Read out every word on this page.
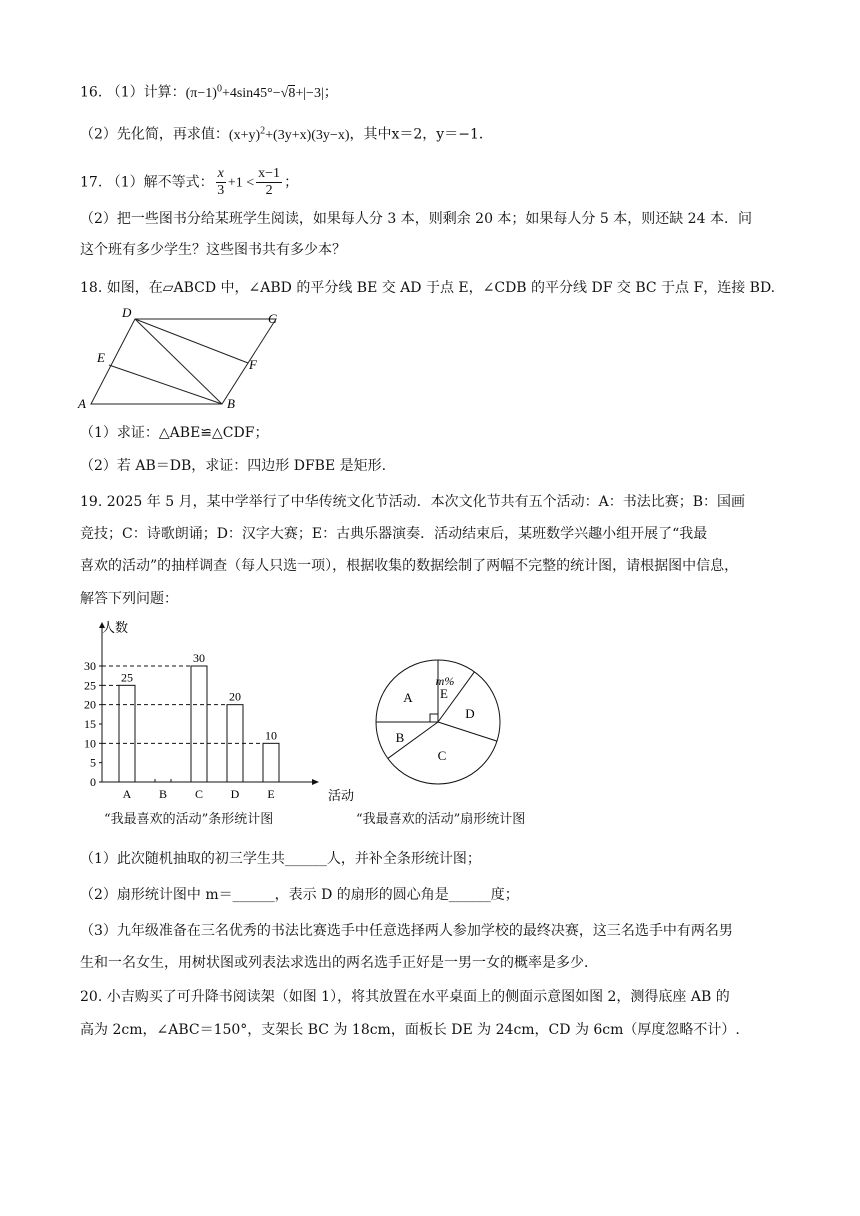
16. （1）计算：$(\pi-1)^0+4\sin 45^\circ-√8+|-3|$；
（2）先化简，再求值：$(x+y)^2+(3y+x)(3y-x)$，其中x＝2，y＝−1．
17. （1）解不等式： $\frac{x}{3} +1 < \frac{x-1}{2}$ ；
（2）把一些图书分给某班学生阅读，如果每人分 3 本，则剩余 20 本；如果每人分 5 本，则还缺 24 本．问
这个班有多少学生？这些图书共有多少本？
18. 如图，在▱ABCD 中，∠ABD 的平分线 BE 交 AD 于点 E，∠CDB 的平分线 DF 交 BC 于点 F，连接 BD.
D	C
E	F
A	B
（1）求证：△ABE≌△CDF；
（2）若 AB＝DB，求证：四边形 DFBE 是矩形.
19. 2025 年 5 月，某中学举行了中华传统文化节活动．本次文化节共有五个活动：A：书法比赛；B：国画
竞技；C：诗歌朗诵；D：汉字大赛；E：古典乐器演奏．活动结束后，某班数学兴趣小组开展了“我最
喜欢的活动”的抽样调查（每人只选一项），根据收集的数据绘制了两幅不完整的统计图，请根据图中信息，
解答下列问题：
0
5
10
15
20
25
30
25
A B
30
C
20
D
10
E
人数
活动
“我最喜欢的活动”条形统计图
A
B
C
D
E
m%
“我最喜欢的活动”扇形统计图
（1）此次随机抽取的初三学生共______人，并补全条形统计图；
（2）扇形统计图中 m＝______，表示 D 的扇形的圆心角是______度；
（3）九年级准备在三名优秀的书法比赛选手中任意选择两人参加学校的最终决赛，这三名选手中有两名男
生和一名女生，用树状图或列表法求选出的两名选手正好是一男一女的概率是多少．
20. 小吉购买了可升降书阅读架（如图 1），将其放置在水平桌面上的侧面示意图如图 2，测得底座 AB 的
高为 2cm，∠ABC＝150°，支架长 BC 为 18cm，面板长 DE 为 24cm，CD 为 6cm（厚度忽略不计）.
